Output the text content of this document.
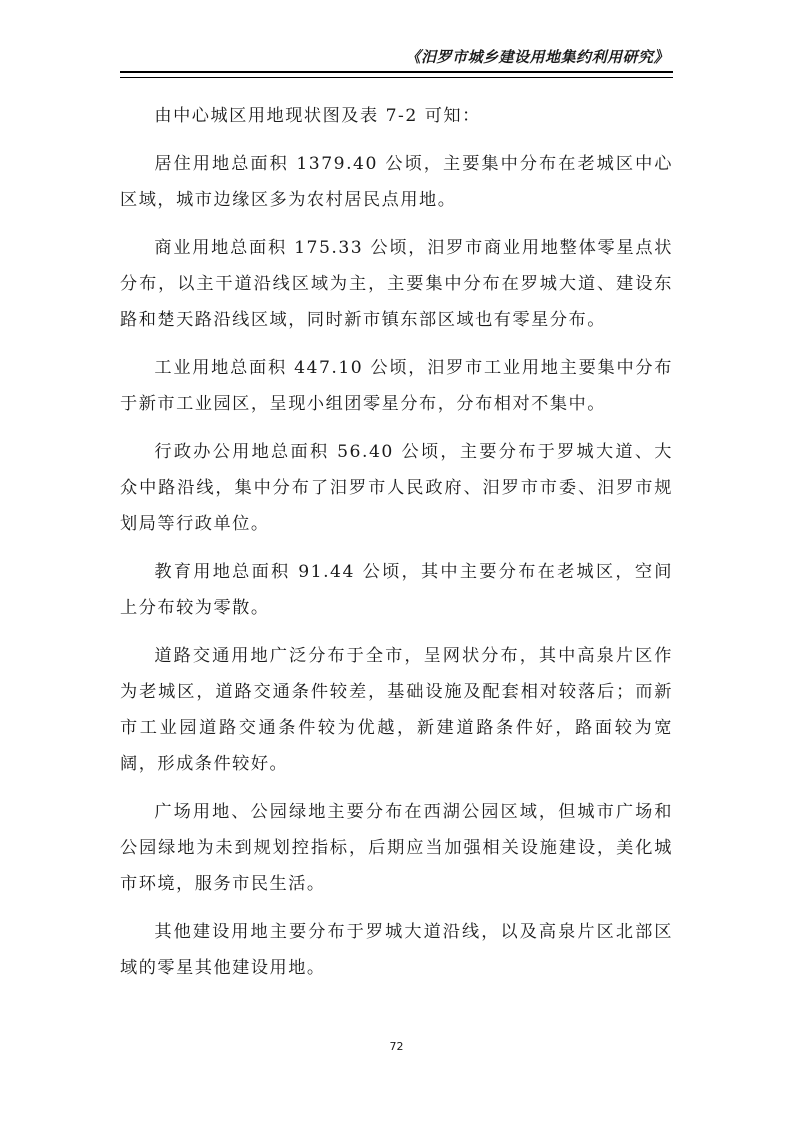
《汨罗市城乡建设用地集约利用研究》

由中心城区用地现状图及表 7-2 可知：

居住用地总面积 1379.40 公顷，主要集中分布在老城区中心区域，城市边缘区多为农村居民点用地。

商业用地总面积 175.33 公顷，汨罗市商业用地整体零星点状分布，以主干道沿线区域为主，主要集中分布在罗城大道、建设东路和楚天路沿线区域，同时新市镇东部区域也有零星分布。

工业用地总面积 447.10 公顷，汨罗市工业用地主要集中分布于新市工业园区，呈现小组团零星分布，分布相对不集中。

行政办公用地总面积 56.40 公顷，主要分布于罗城大道、大众中路沿线，集中分布了汨罗市人民政府、汨罗市市委、汨罗市规划局等行政单位。

教育用地总面积 91.44 公顷，其中主要分布在老城区，空间上分布较为零散。

道路交通用地广泛分布于全市，呈网状分布，其中高泉片区作为老城区，道路交通条件较差，基础设施及配套相对较落后；而新市工业园道路交通条件较为优越，新建道路条件好，路面较为宽阔，形成条件较好。

广场用地、公园绿地主要分布在西湖公园区域，但城市广场和公园绿地为未到规划控指标，后期应当加强相关设施建设，美化城市环境，服务市民生活。

其他建设用地主要分布于罗城大道沿线，以及高泉片区北部区域的零星其他建设用地。

72
